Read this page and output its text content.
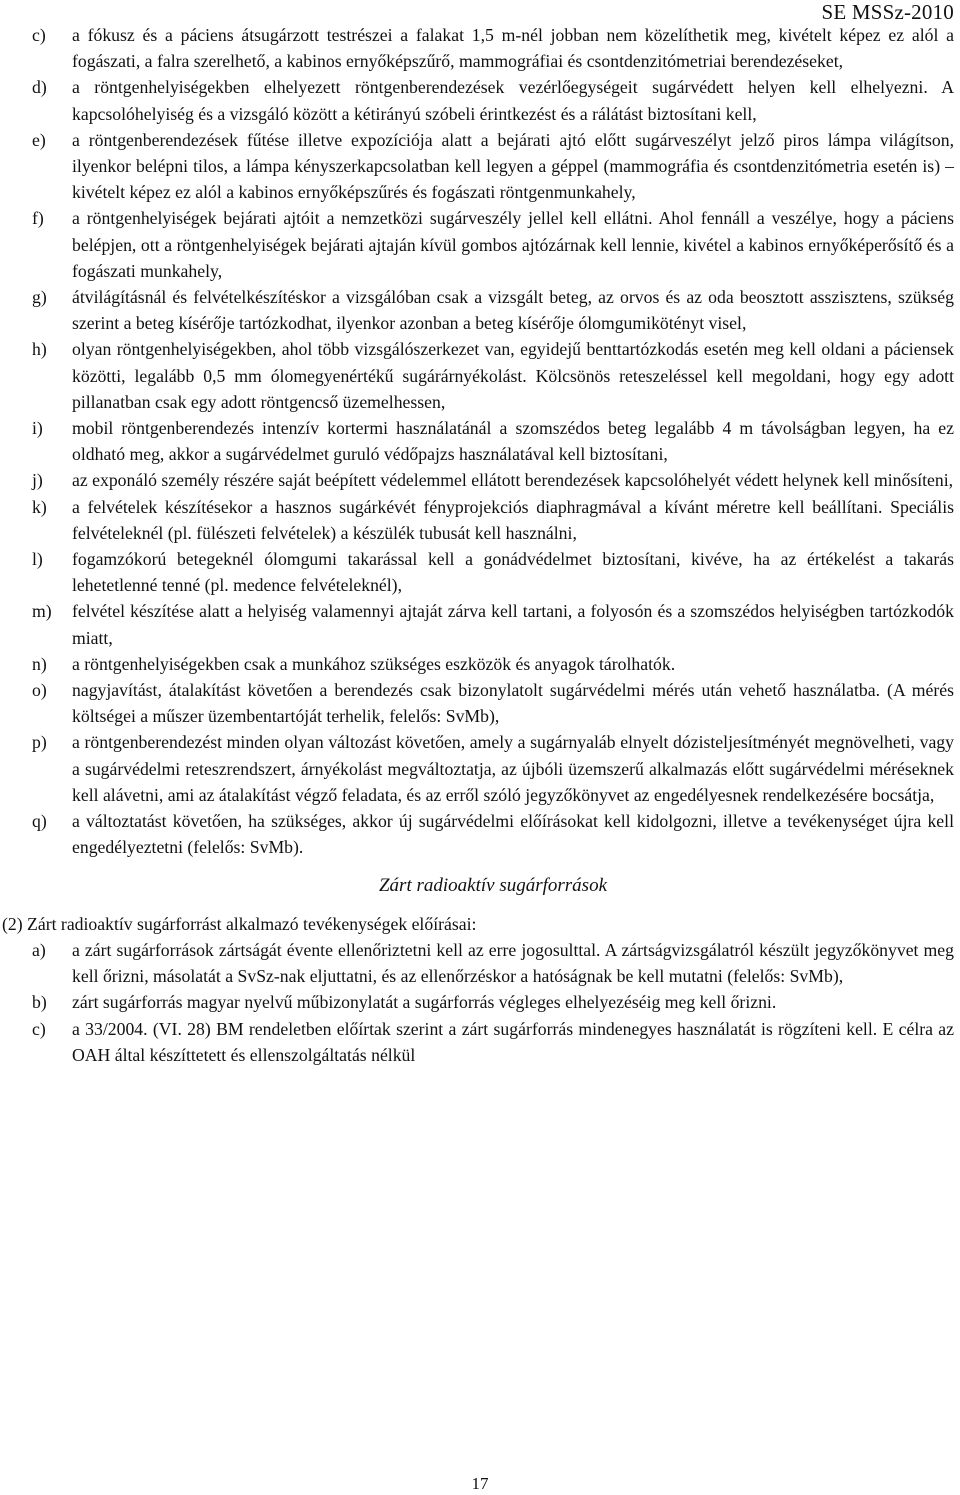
SE MSSz-2010
c) a fókusz és a páciens átsugárzott testrészei a falakat 1,5 m-nél jobban nem közelíthetik meg, kivételt képez ez alól a fogászati, a falra szerelhető, a kabinos ernyőképszűrő, mammográfiai és csontdenzitómetriai berendezéseket,
d) a röntgenhelyiségekben elhelyezett röntgenberendezések vezérlőegységeit sugárvédett helyen kell elhelyezni. A kapcsolóhelyiség és a vizsgáló között a kétirányú szóbeli érintkezést és a rálátást biztosítani kell,
e) a röntgenberendezések fűtése illetve expozíciója alatt a bejárati ajtó előtt sugárveszélyt jelző piros lámpa világítson, ilyenkor belépni tilos, a lámpa kényszerkapcsolatban kell legyen a géppel (mammográfia és csontdenzitómetria esetén is) – kivételt képez ez alól a kabinos ernyőképszűrés és fogászati röntgenmunkahely,
f) a röntgenhelyiségek bejárati ajtóit a nemzetközi sugárveszély jellel kell ellátni. Ahol fennáll a veszélye, hogy a páciens belépjen, ott a röntgenhelyiségek bejárati ajtaján kívül gombos ajtózárnak kell lennie, kivétel a kabinos ernyőképerősítő és a fogászati munkahely,
g) átvilágításnál és felvételkészítéskor a vizsgálóban csak a vizsgált beteg, az orvos és az oda beosztott asszisztens, szükség szerint a beteg kísérője tartózkodhat, ilyenkor azonban a beteg kísérője ólomgumikötényt visel,
h) olyan röntgenhelyiségekben, ahol több vizsgálószerkezet van, egyidejű benttartózkodás esetén meg kell oldani a páciensek közötti, legalább 0,5 mm ólomegyenértékű sugárárnyékolást. Kölcsönös reteszeléssel kell megoldani, hogy egy adott pillanatban csak egy adott röntgencső üzemelhessen,
i) mobil röntgenberendezés intenzív kortermi használatánál a szomszédos beteg legalább 4 m távolságban legyen, ha ez oldható meg, akkor a sugárvédelmet guruló védőpajzs használatával kell biztosítani,
j) az exponáló személy részére saját beépített védelemmel ellátott berendezések kapcsolóhelyét védett helynek kell minősíteni,
k) a felvételek készítésekor a hasznos sugárkévét fényprojekciós diaphragmával a kívánt méretre kell beállítani. Speciális felvételeknél (pl. fülészeti felvételek) a készülék tubusát kell használni,
l) fogamzókorú betegeknél ólomgumi takarással kell a gonádvédelmet biztosítani, kivéve, ha az értékelést a takarás lehetetlenné tenné (pl. medence felvételeknél),
m) felvétel készítése alatt a helyiség valamennyi ajtaját zárva kell tartani, a folyosón és a szomszédos helyiségben tartózkodók miatt,
n) a röntgenhelyiségekben csak a munkához szükséges eszközök és anyagok tárolhatók.
o) nagyjavítást, átalakítást követően a berendezés csak bizonylatolt sugárvédelmi mérés után vehető használatba. (A mérés költségei a műszer üzembentartóját terhelik, felelős: SvMb),
p) a röntgenberendezést minden olyan változást követően, amely a sugárnyaláb elnyelt dózisteljesítményét megnövelheti, vagy a sugárvédelmi reteszrendszert, árnyékolást megváltoztatja, az újbóli üzemszerű alkalmazás előtt sugárvédelmi méréseknek kell alávetni, ami az átalakítást végző feladata, és az erről szóló jegyzőkönyvet az engedélyesnek rendelkezésére bocsátja,
q) a változtatást követően, ha szükséges, akkor új sugárvédelmi előírásokat kell kidolgozni, illetve a tevékenységet újra kell engedélyeztetni (felelős: SvMb).
Zárt radioaktív sugárforrások
(2) Zárt radioaktív sugárforrást alkalmazó tevékenységek előírásai:
a) a zárt sugárforrások zártságát évente ellenőriztetni kell az erre jogosulttal. A zártságvizsgálatról készült jegyzőkönyvet meg kell őrizni, másolatát a SvSz-nak eljuttatni, és az ellenőrzéskor a hatóságnak be kell mutatni (felelős: SvMb),
b) zárt sugárforrás magyar nyelvű műbizonylatát a sugárforrás végleges elhelyezéséig meg kell őrizni.
c) a 33/2004. (VI. 28) BM rendeletben előírtak szerint a zárt sugárforrás mindenegyes használatát is rögzíteni kell. E célra az OAH által készíttetett és ellenszolgáltatás nélkül
17
